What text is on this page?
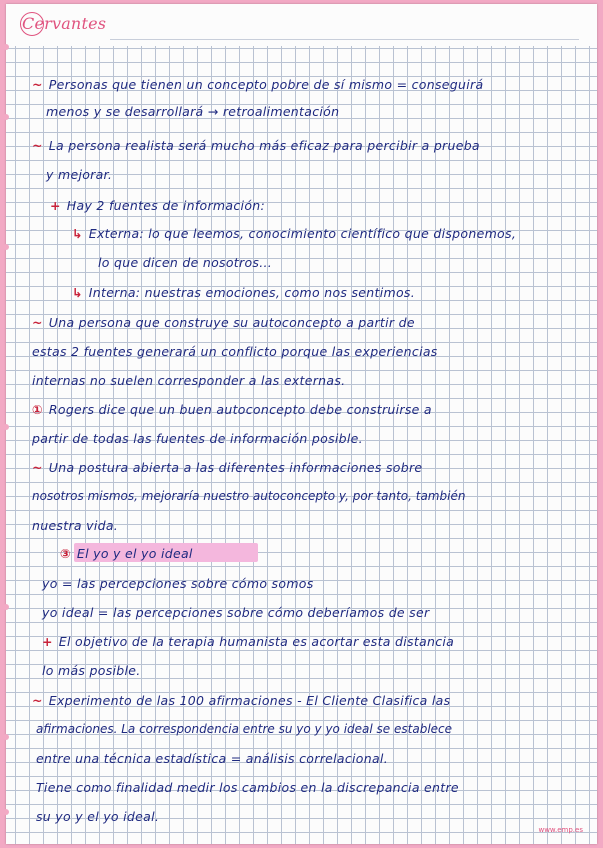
Cervantes
~ Personas que tienen un concepto pobre de sí mismo = conseguirá
menos y se desarrollará → retroalimentación
~ La persona realista será mucho más eficaz para percibir a prueba
y mejorar.
+ Hay 2 fuentes de información:
↳ Externa: lo que leemos, conocimiento científico que disponemos,
lo que dicen de nosotros...
↳ Interna: nuestras emociones, como nos sentimos.
~ Una persona que construye su autoconcepto a partir de
estas 2 fuentes generará un conflicto porque las experiencias
internas no suelen corresponder a las externas.
① Rogers dice que un buen autoconcepto debe construirse a
partir de todas las fuentes de información posible.
~ Una postura abierta a las diferentes informaciones sobre
nosotros mismos, mejoraría nuestro autoconcepto y, por tanto, también
nuestra vida.
③ El yo y el yo ideal
yo = las percepciones sobre cómo somos
yo ideal = las percepciones sobre cómo deberíamos de ser
+ El objetivo de la terapia humanista es acortar esta distancia
lo más posible.
~ Experimento de las 100 afirmaciones - El Cliente Clasifica las
afirmaciones. La correspondencia entre su yo y yo ideal se establece
entre una técnica estadística = análisis correlacional.
Tiene como finalidad medir los cambios en la discrepancia entre
su yo y el yo ideal.
www.emp.es
